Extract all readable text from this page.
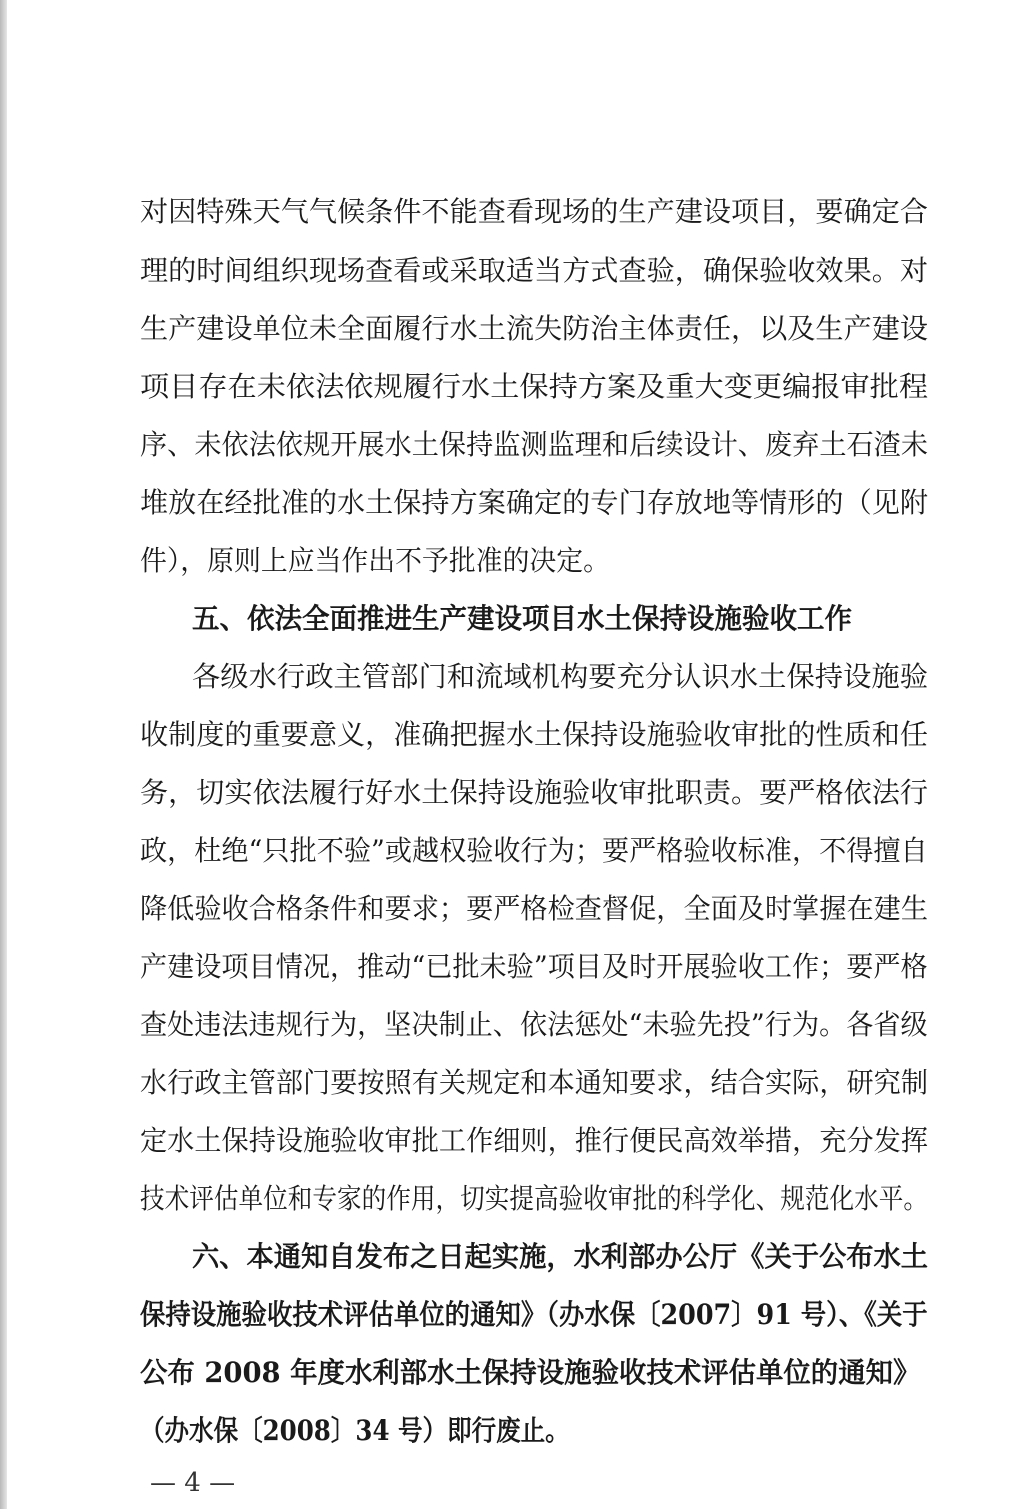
对因特殊天气气候条件不能查看现场的生产建设项目，要确定合
理的时间组织现场查看或采取适当方式查验，确保验收效果。对
生产建设单位未全面履行水土流失防治主体责任，以及生产建设
项目存在未依法依规履行水土保持方案及重大变更编报审批程
序、未依法依规开展水土保持监测监理和后续设计、废弃土石渣未
堆放在经批准的水土保持方案确定的专门存放地等情形的（见附
件），原则上应当作出不予批准的决定。
五、依法全面推进生产建设项目水土保持设施验收工作
各级水行政主管部门和流域机构要充分认识水土保持设施验
收制度的重要意义，准确把握水土保持设施验收审批的性质和任
务，切实依法履行好水土保持设施验收审批职责。要严格依法行
政，杜绝“只批不验”或越权验收行为；要严格验收标准，不得擅自
降低验收合格条件和要求；要严格检查督促，全面及时掌握在建生
产建设项目情况，推动“已批未验”项目及时开展验收工作；要严格
查处违法违规行为，坚决制止、依法惩处“未验先投”行为。各省级
水行政主管部门要按照有关规定和本通知要求，结合实际，研究制
定水土保持设施验收审批工作细则，推行便民高效举措，充分发挥
技术评估单位和专家的作用，切实提高验收审批的科学化、规范化水平。
六、本通知自发布之日起实施，水利部办公厅《关于公布水土
保持设施验收技术评估单位的通知》（办水保〔2007〕91 号）、《关于
公布 2008 年度水利部水土保持设施验收技术评估单位的通知》
（办水保〔2008〕34 号）即行废止。
— 4 —
